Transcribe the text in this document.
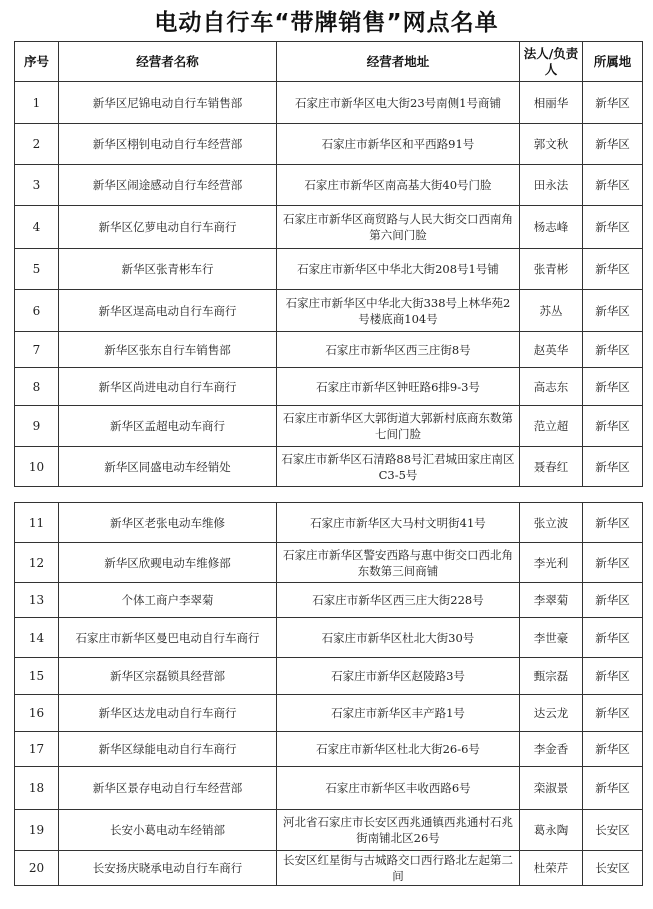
电动自行车“带牌销售”网点名单
序号	经营者名称	经营者地址	法人/负责人	所属地
1	新华区尼锦电动自行车销售部	石家庄市新华区电大街23号南侧1号商铺	相丽华	新华区
2	新华区栩钊电动自行车经营部	石家庄市新华区和平西路91号	郭文秋	新华区
3	新华区闹途感动自行车经营部	石家庄市新华区南高基大街40号门脸	田永法	新华区
4	新华区亿萝电动自行车商行	石家庄市新华区商贸路与人民大街交口西南角第六间门脸	杨志峰	新华区
5	新华区张青彬车行	石家庄市新华区中华北大街208号1号铺	张青彬	新华区
6	新华区逞高电动自行车商行	石家庄市新华区中华北大街338号上林华苑2号楼底商104号	苏丛	新华区
7	新华区张东自行车销售部	石家庄市新华区西三庄街8号	赵英华	新华区
8	新华区尚进电动自行车商行	石家庄市新华区钟旺路6排9-3号	高志东	新华区
9	新华区孟超电动车商行	石家庄市新华区大郭街道大郭新村底商东数第七间门脸	范立超	新华区
10	新华区同盛电动车经销处	石家庄市新华区石清路88号汇君城田家庄南区C3-5号	聂春红	新华区
11	新华区老张电动车维修	石家庄市新华区大马村文明街41号	张立波	新华区
12	新华区欣觋电动车维修部	石家庄市新华区警安西路与惠中街交口西北角东数第三间商铺	李光利	新华区
13	个体工商户李翠菊	石家庄市新华区西三庄大街228号	李翠菊	新华区
14	石家庄市新华区曼巴电动自行车商行	石家庄市新华区杜北大街30号	李世豪	新华区
15	新华区宗磊锁具经营部	石家庄市新华区赵陵路3号	甄宗磊	新华区
16	新华区达龙电动自行车商行	石家庄市新华区丰产路1号	达云龙	新华区
17	新华区绿能电动自行车商行	石家庄市新华区杜北大街26-6号	李金香	新华区
18	新华区景存电动自行车经营部	石家庄市新华区丰收西路6号	栾淑景	新华区
19	长安小葛电动车经销部	河北省石家庄市长安区西兆通镇西兆通村石兆街南铺北区26号	葛永陶	长安区
20	长安扬庆晓承电动自行车商行	长安区红星街与古城路交口西行路北左起第二间	杜荣芹	长安区
